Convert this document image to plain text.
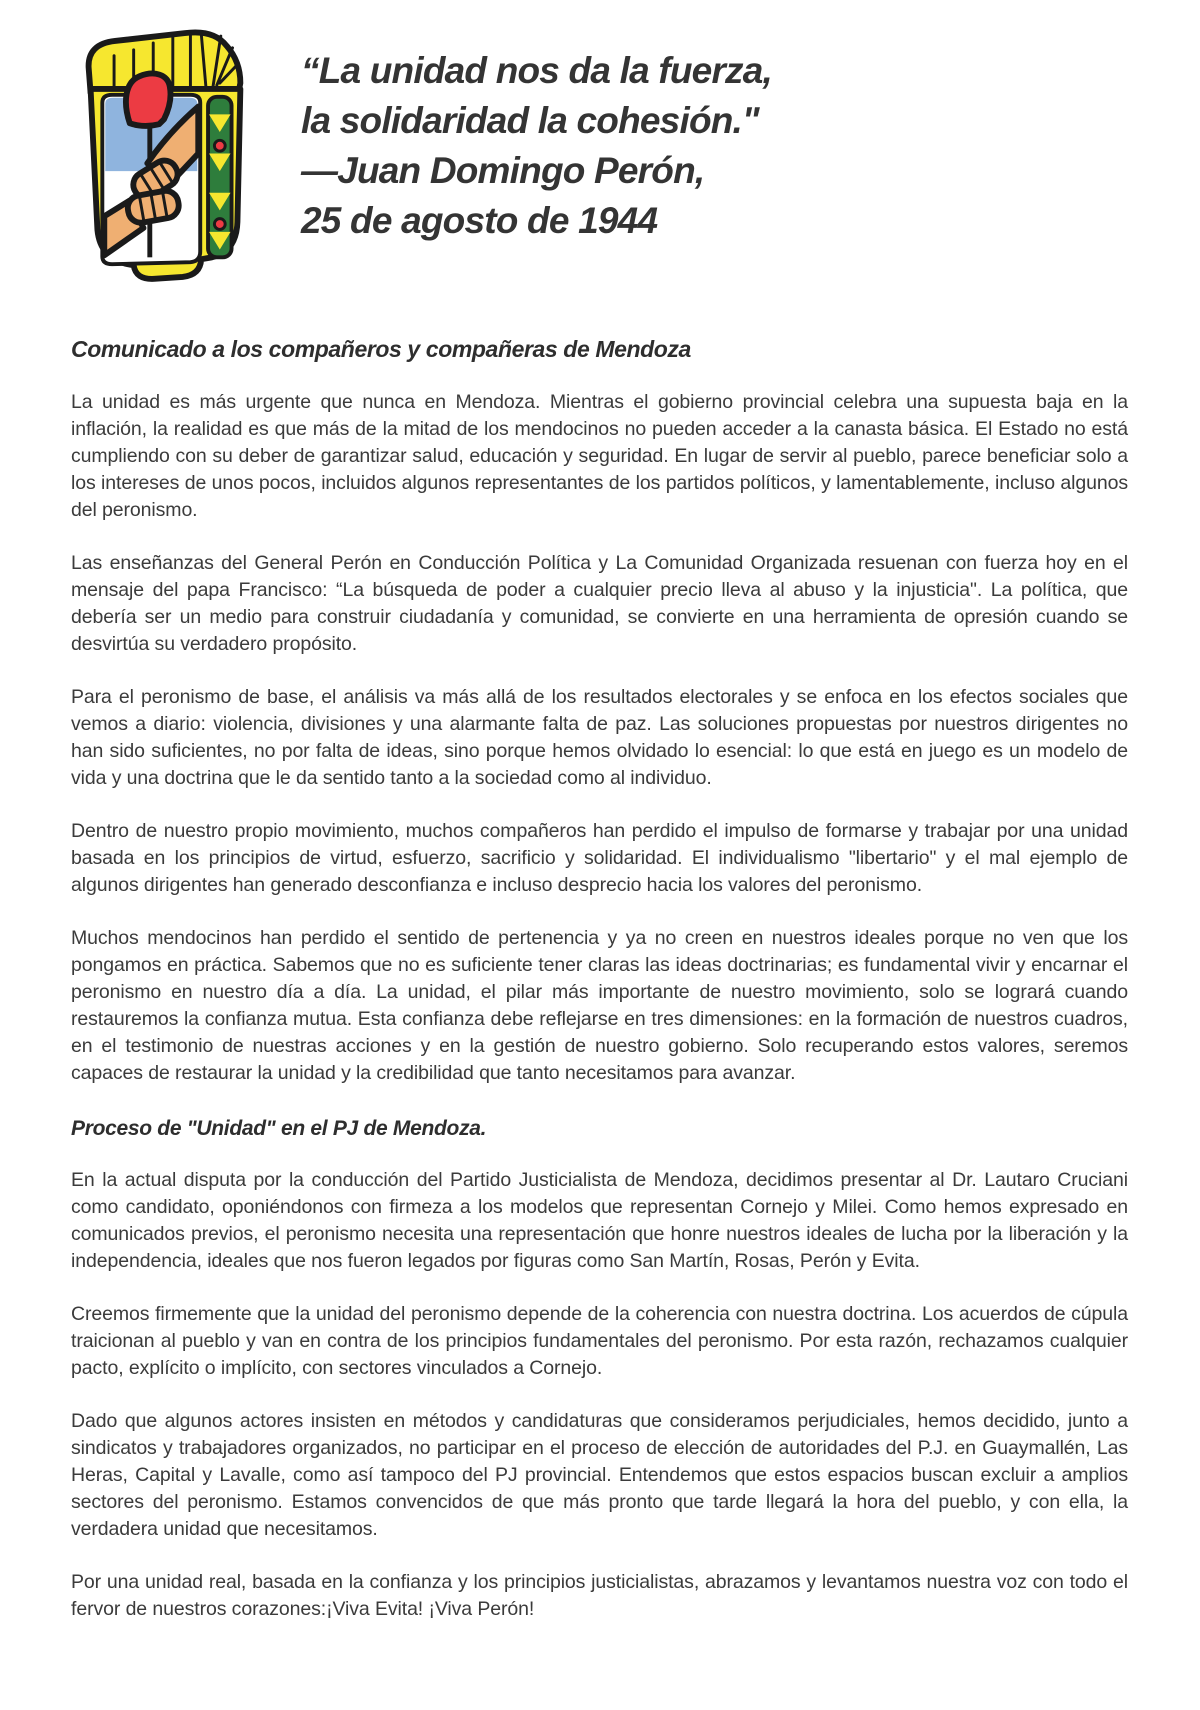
“La unidad nos da la fuerza,
la solidaridad la cohesión."
—Juan Domingo Perón,
25 de agosto de 1944
Comunicado a los compañeros y compañeras de Mendoza

La unidad es más urgente que nunca en Mendoza. Mientras el gobierno provincial celebra una supuesta baja en la inflación, la realidad es que más de la mitad de los mendocinos no pueden acceder a la canasta básica. El Estado no está cumpliendo con su deber de garantizar salud, educación y seguridad. En lugar de servir al pueblo, parece beneficiar solo a los intereses de unos pocos, incluidos algunos representantes de los partidos políticos, y lamentablemente, incluso algunos del peronismo.

Las enseñanzas del General Perón en Conducción Política y La Comunidad Organizada resuenan con fuerza hoy en el mensaje del papa Francisco: “La búsqueda de poder a cualquier precio lleva al abuso y la injusticia". La política, que debería ser un medio para construir ciudadanía y comunidad, se convierte en una herramienta de opresión cuando se desvirtúa su verdadero propósito.

Para el peronismo de base, el análisis va más allá de los resultados electorales y se enfoca en los efectos sociales que vemos a diario: violencia, divisiones y una alarmante falta de paz. Las soluciones propuestas por nuestros dirigentes no han sido suficientes, no por falta de ideas, sino porque hemos olvidado lo esencial: lo que está en juego es un modelo de vida y una doctrina que le da sentido tanto a la sociedad como al individuo.

Dentro de nuestro propio movimiento, muchos compañeros han perdido el impulso de formarse y trabajar por una unidad basada en los principios de virtud, esfuerzo, sacrificio y solidaridad. El individualismo "libertario" y el mal ejemplo de algunos dirigentes han generado desconfianza e incluso desprecio hacia los valores del peronismo.

Muchos mendocinos han perdido el sentido de pertenencia y ya no creen en nuestros ideales porque no ven que los pongamos en práctica. Sabemos que no es suficiente tener claras las ideas doctrinarias; es fundamental vivir y encarnar el peronismo en nuestro día a día. La unidad, el pilar más importante de nuestro movimiento, solo se logrará cuando restauremos la confianza mutua. Esta confianza debe reflejarse en tres dimensiones: en la formación de nuestros cuadros, en el testimonio de nuestras acciones y en la gestión de nuestro gobierno. Solo recuperando estos valores, seremos capaces de restaurar la unidad y la credibilidad que tanto necesitamos para avanzar.

Proceso de "Unidad" en el PJ de Mendoza.

En la actual disputa por la conducción del Partido Justicialista de Mendoza, decidimos presentar al Dr. Lautaro Cruciani como candidato, oponiéndonos con firmeza a los modelos que representan Cornejo y Milei. Como hemos expresado en comunicados previos, el peronismo necesita una representación que honre nuestros ideales de lucha por la liberación y la independencia, ideales que nos fueron legados por figuras como San Martín, Rosas, Perón y Evita.

Creemos firmemente que la unidad del peronismo depende de la coherencia con nuestra doctrina. Los acuerdos de cúpula traicionan al pueblo y van en contra de los principios fundamentales del peronismo. Por esta razón, rechazamos cualquier pacto, explícito o implícito, con sectores vinculados a Cornejo.

Dado que algunos actores insisten en métodos y candidaturas que consideramos perjudiciales, hemos decidido, junto a sindicatos y trabajadores organizados, no participar en el proceso de elección de autoridades del P.J. en Guaymallén, Las Heras, Capital y Lavalle, como así tampoco del PJ provincial. Entendemos que estos espacios buscan excluir a amplios sectores del peronismo. Estamos convencidos de que más pronto que tarde llegará la hora del pueblo, y con ella, la verdadera unidad que necesitamos.

Por una unidad real, basada en la confianza y los principios justicialistas, abrazamos y levantamos nuestra voz con todo el fervor de nuestros corazones:¡Viva Evita! ¡Viva Perón!
